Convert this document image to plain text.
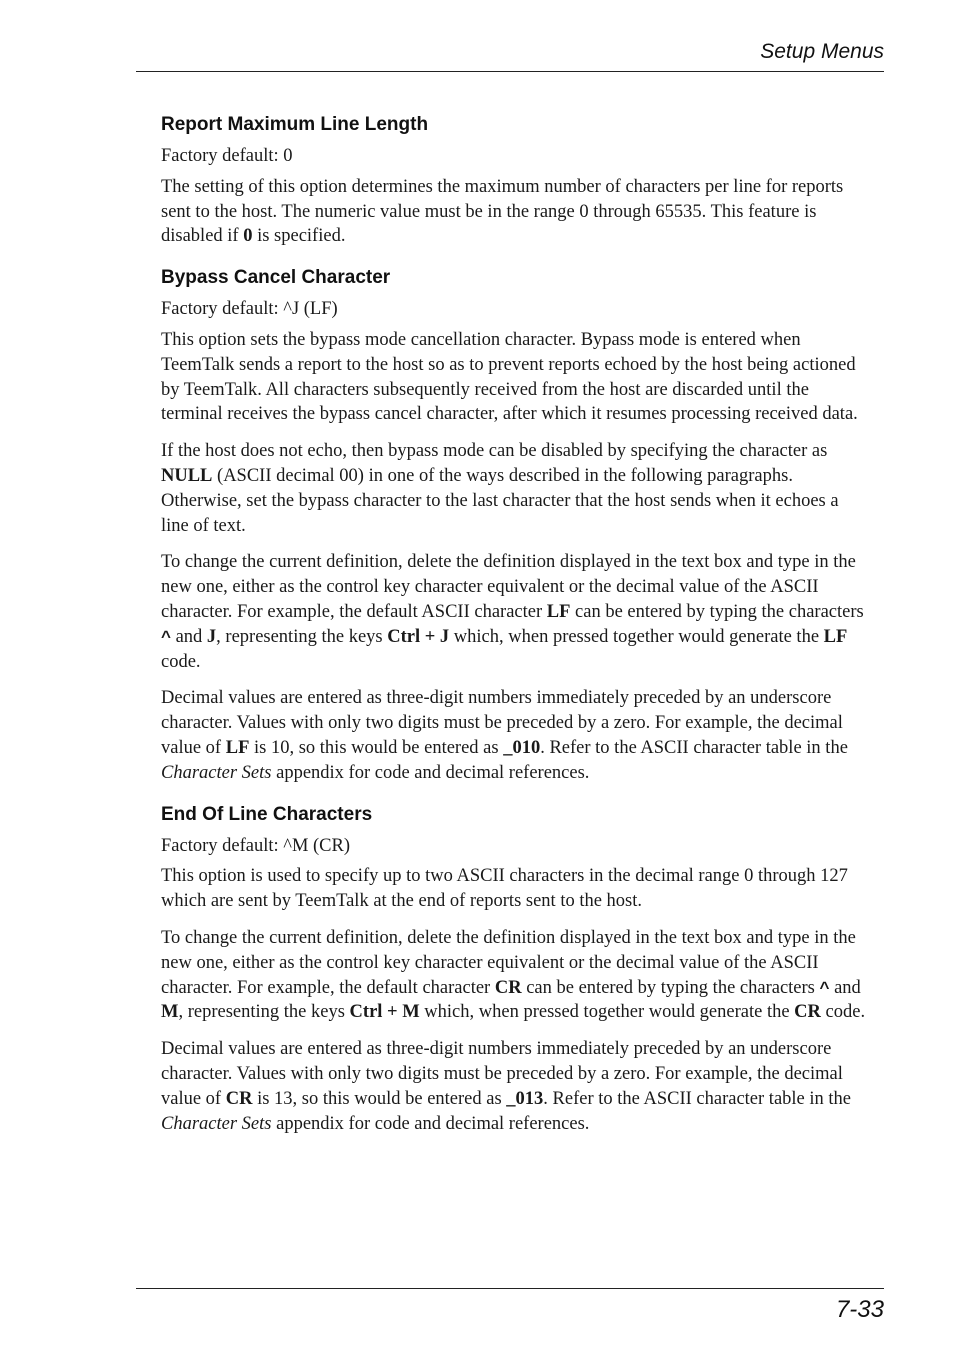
Setup Menus
Report Maximum Line Length

Factory default: 0

The setting of this option determines the maximum number of characters per line for reports sent to the host. The numeric value must be in the range 0 through 65535. This feature is disabled if 0 is specified.

Bypass Cancel Character

Factory default: ^J (LF)

This option sets the bypass mode cancellation character. Bypass mode is entered when TeemTalk sends a report to the host so as to prevent reports echoed by the host being actioned by TeemTalk. All characters subsequently received from the host are discarded until the terminal receives the bypass cancel character, after which it resumes processing received data.

If the host does not echo, then bypass mode can be disabled by specifying the character as NULL (ASCII decimal 00) in one of the ways described in the following paragraphs. Otherwise, set the bypass character to the last character that the host sends when it echoes a line of text.

To change the current definition, delete the definition displayed in the text box and type in the new one, either as the control key character equivalent or the decimal value of the ASCII character. For example, the default ASCII character LF can be entered by typing the characters ^ and J, representing the keys Ctrl + J which, when pressed together would generate the LF code.

Decimal values are entered as three-digit numbers immediately preceded by an underscore character. Values with only two digits must be preceded by a zero. For example, the decimal value of LF is 10, so this would be entered as _010. Refer to the ASCII character table in the Character Sets appendix for code and decimal references.

End Of Line Characters

Factory default: ^M (CR)

This option is used to specify up to two ASCII characters in the decimal range 0 through 127 which are sent by TeemTalk at the end of reports sent to the host.

To change the current definition, delete the definition displayed in the text box and type in the new one, either as the control key character equivalent or the decimal value of the ASCII character. For example, the default character CR can be entered by typing the characters ^ and M, representing the keys Ctrl + M which, when pressed together would generate the CR code.

Decimal values are entered as three-digit numbers immediately preceded by an underscore character. Values with only two digits must be preceded by a zero. For example, the decimal value of CR is 13, so this would be entered as _013. Refer to the ASCII character table in the Character Sets appendix for code and decimal references.

7-33
